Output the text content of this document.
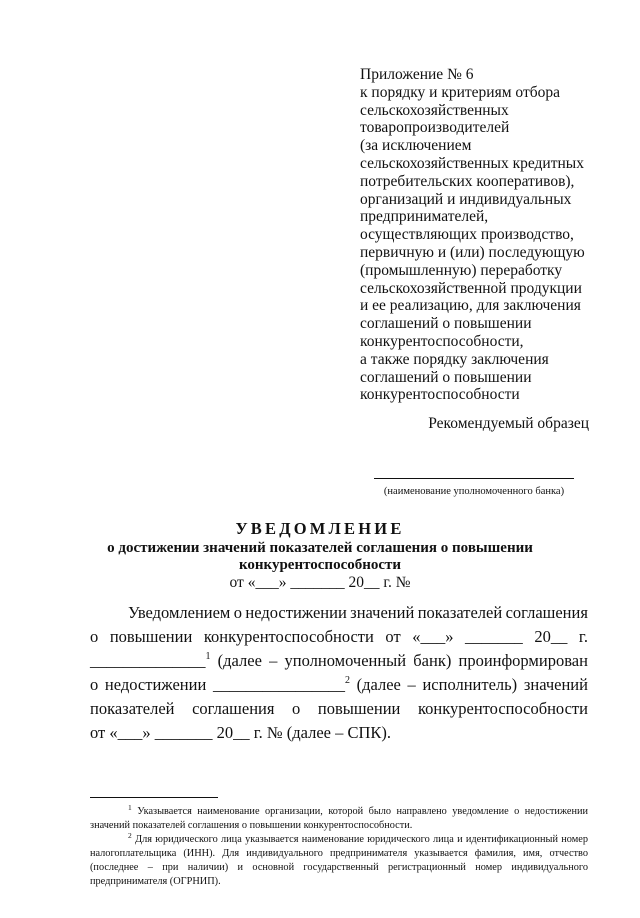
Приложение № 6
к порядку и критериям отбора
сельскохозяйственных
товаропроизводителей
(за исключением
сельскохозяйственных кредитных
потребительских кооперативов),
организаций и индивидуальных
предпринимателей,
осуществляющих производство,
первичную и (или) последующую
(промышленную) переработку
сельскохозяйственной продукции
и ее реализацию, для заключения
соглашений о повышении
конкурентоспособности,
а также порядку заключения
соглашений о повышении
конкурентоспособности
Рекомендуемый образец
(наименование уполномоченного банка)
УВЕДОМЛЕНИЕ
о достижении значений показателей соглашения о повышении
конкурентоспособности
от «___» _______ 20__ г. №
Уведомлением о недостижении значений показателей соглашения
о повышении конкурентоспособности от «___» _______ 20__ г.
______________$^1$ (далее – уполномоченный банк) проинформирован
о недостижении ________________$^2$ (далее – исполнитель) значений
показателей соглашения о повышении конкурентоспособности
от «___» _______ 20__ г. № (далее – СПК).

$^1$ Указывается наименование организации, которой было направлено уведомление о недостижении значений показателей соглашения о повышении конкурентоспособности.

$^2$ Для юридического лица указывается наименование юридического лица и идентификационный номер налогоплательщика (ИНН). Для индивидуального предпринимателя указывается фамилия, имя, отчество (последнее – при наличии) и основной государственный регистрационный номер индивидуального предпринимателя (ОГРНИП).
